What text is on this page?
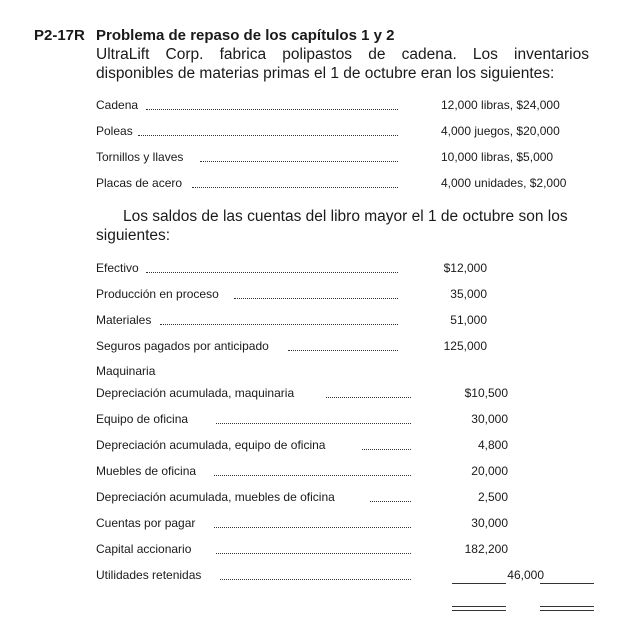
P2-17R Problema de repaso de los capítulos 1 y 2
UltraLift Corp. fabrica polipastos de cadena. Los inventarios
disponibles de materias primas el 1 de octubre eran los siguientes:
Cadena	12,000 libras, $24,000
Poleas	4,000 juegos, $20,000
Tornillos y llaves	10,000 libras, $5,000
Placas de acero	4,000 unidades, $2,000
Los saldos de las cuentas del libro mayor el 1 de octubre son los
siguientes:
Efectivo	$12,000
Producción en proceso	35,000
Materiales	51,000
Seguros pagados por anticipado	125,000
Maquinaria
Depreciación acumulada, maquinaria	$10,500
Equipo de oficina	30,000
Depreciación acumulada, equipo de oficina	4,800
Muebles de oficina	20,000
Depreciación acumulada, muebles de oficina	2,500
Cuentas por pagar	30,000
Capital accionario	182,200
Utilidades retenidas	46,000
